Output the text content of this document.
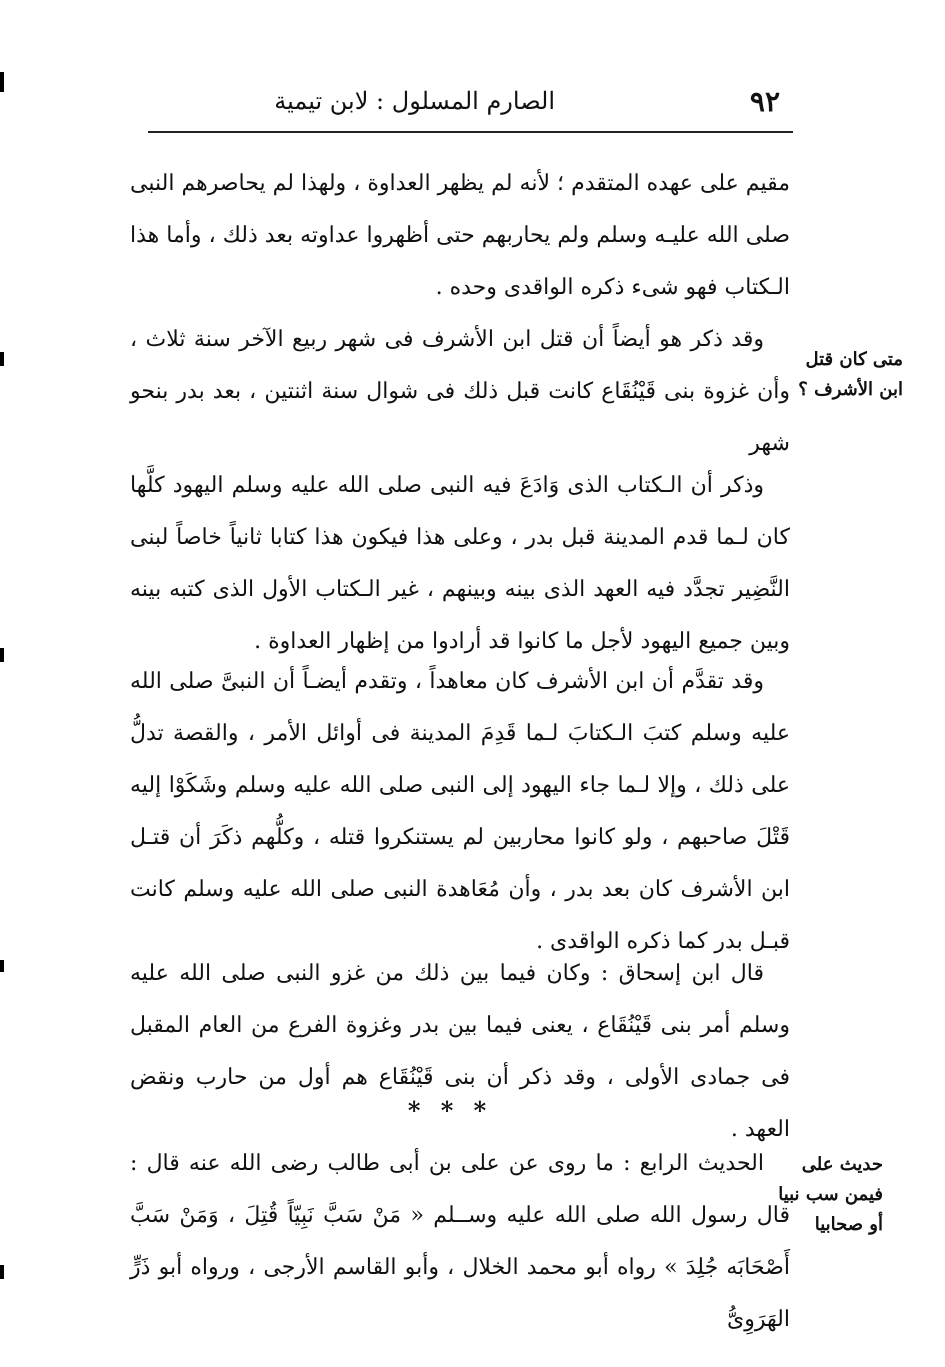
٩٢
الصارم المسلول : لابن تيمية

مقيم على عهده المتقدم ؛ لأنه لم يظهر العداوة ، ولهذا لم يحاصرهم النبى صلى الله عليـه وسلم ولم يحاربهم حتى أظهروا عداوته بعد ذلك ، وأما هذا الـكتاب فهو شىء ذكره الواقدى وحده .

وقد ذكر هو أيضاً أن قتل ابن الأشرف فى شهر ربيع الآخر سنة ثلاث ، وأن غزوة بنى قَيْنُقَاع كانت قبل ذلك فى شوال سنة اثنتين ، بعد بدر بنحو شهر

وذكر أن الـكتاب الذى وَادَعَ فيه النبى صلى الله عليه وسلم اليهود كلَّها كان لـما قدم المدينة قبل بدر ، وعلى هذا فيكون هذا كتابا ثانياً خاصاً لبنى النَّضِير تجدَّد فيه العهد الذى بينه وبينهم ، غير الـكتاب الأول الذى كتبه بينه وبين جميع اليهود لأجل ما كانوا قد أرادوا من إظهار العداوة .

وقد تقدَّم أن ابن الأشرف كان معاهداً ، وتقدم أيضـاً أن النبىَّ صلى الله عليه وسلم كتبَ الـكتابَ لـما قَدِمَ المدينة فى أوائل الأمر ، والقصة تدلُّ على ذلك ، وإلا لـما جاء اليهود إلى النبى صلى الله عليه وسلم وشَكَوْا إليه قَتْلَ صاحبهم ، ولو كانوا محاربين لم يستنكروا قتله ، وكلُّهم ذكَرَ أن قتـل ابن الأشرف كان بعد بدر ، وأن مُعَاهدة النبى صلى الله عليه وسلم كانت قبـل بدر كما ذكره الواقدى .

قال ابن إسحاق : وكان فيما بين ذلك من غزو النبى صلى الله عليه وسلم أمر بنى قَيْنُقَاع ، يعنى فيما بين بدر وغزوة الفرع من العام المقبل فى جمادى الأولى ، وقد ذكر أن بنى قَيْنُقَاع هم أول من حارب ونقض العهد .

* * *

الحديث الرابع : ما روى عن على بن أبى طالب رضى الله عنه قال : قال رسول الله صلى الله عليه وســلم « مَنْ سَبَّ نَبِيّاً قُتِلَ ، وَمَنْ سَبَّ أَصْحَابَه جُلِدَ » رواه أبو محمد الخلال ، وأبو القاسم الأرجى ، ورواه أبو ذَرٍّ الهَرَوِىُّ

متى كان قتل
ابن الأشرف ؟
حديث على
فيمن سب نبيا
أو صحابيا
